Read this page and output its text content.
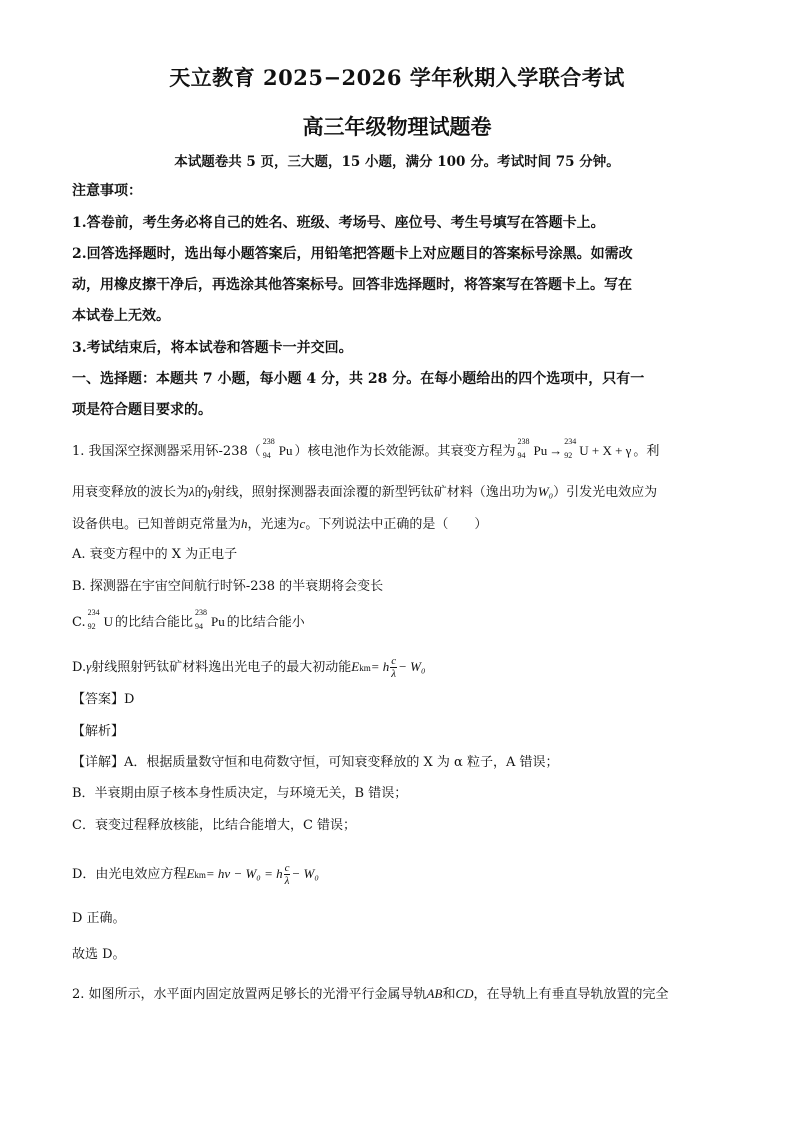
天立教育 2025−2026 学年秋期入学联合考试
高三年级物理试题卷
本试题卷共 5 页，三大题，15 小题，满分 100 分。考试时间 75 分钟。
注意事项：
1.答卷前，考生务必将自己的姓名、班级、考场号、座位号、考生号填写在答题卡上。
2.回答选择题时，选出每小题答案后，用铅笔把答题卡上对应题目的答案标号涂黑。如需改
动，用橡皮擦干净后，再选涂其他答案标号。回答非选择题时，将答案写在答题卡上。写在
本试卷上无效。
3.考试结束后，将本试卷和答题卡一并交回。
一、选择题：本题共 7 小题，每小题 4 分，共 28 分。在每小题给出的四个选项中，只有一
项是符合题目要求的。
1. 我国深空探测器采用钚-238（
238
94 Pu ）核电池作为长效能源。其衰变方程为
238
94 Pu →
234
92 U + X + γ 。利
用衰变释放的波长为λ的γ射线，照射探测器表面涂覆的新型钙钛矿材料（逸出功为W₀）引发光电效应为
设备供电。已知普朗克常量为h，光速为c。下列说法中正确的是（　　）
A. 衰变方程中的 X 为正电子
B. 探测器在宇宙空间航行时钚-238 的半衰期将会变长
C.
234
92 U 的比结合能比
238
94 Pu 的比结合能小
D.γ射线照射钙钛矿材料逸出光电子的最大初动能Ekm= h $\frac{c}{\lambda} - W_0$
【答案】D
【解析】
【详解】A．根据质量数守恒和电荷数守恒，可知衰变释放的 X 为 α 粒子，A 错误；
B．半衰期由原子核本身性质决定，与环境无关，B 错误；
C．衰变过程释放核能，比结合能增大，C 错误；
D．由光电效应方程Ekm= hν − W₀ = h $\frac{c}{\lambda} - W_0$
D 正确。
故选 D。
2. 如图所示，水平面内固定放置两足够长的光滑平行金属导轨AB和CD，在导轨上有垂直导轨放置的完全
